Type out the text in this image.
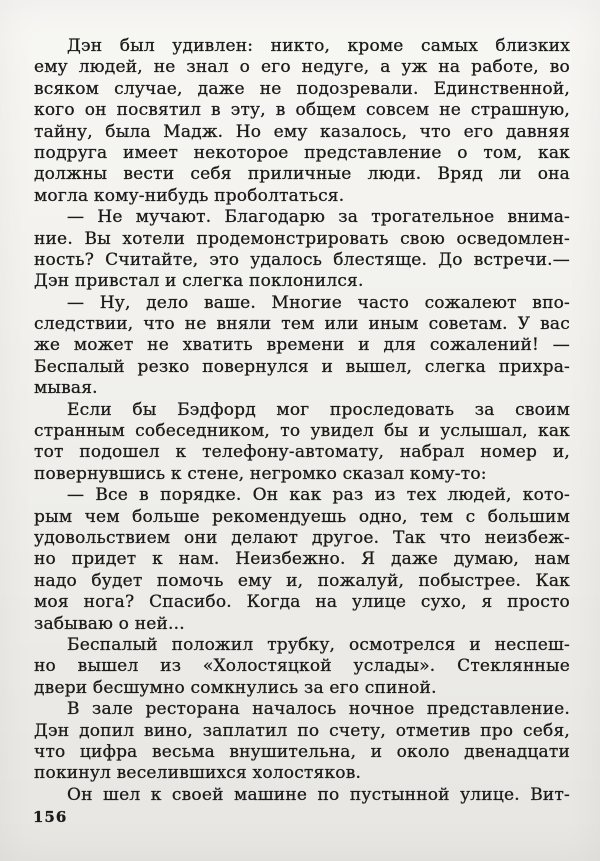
Дэн был удивлен: никто, кроме самых близких
ему людей, не знал о его недуге, а уж на работе, во
всяком случае, даже не подозревали. Единственной,
кого он посвятил в эту, в общем совсем не страшную,
тайну, была Мадж. Но ему казалось, что его давняя
подруга имеет некоторое представление о том, как
должны вести себя приличные люди. Вряд ли она
могла кому-нибудь проболтаться.
— Не мучают. Благодарю за трогательное внима-
ние. Вы хотели продемонстрировать свою осведомлен-
ность? Считайте, это удалось блестяще. До встречи.—
Дэн привстал и слегка поклонился.
— Ну, дело ваше. Многие часто сожалеют впо-
следствии, что не вняли тем или иным советам. У вас
же может не хватить времени и для сожалений! —
Беспалый резко повернулся и вышел, слегка прихра-
мывая.
Если бы Бэдфорд мог проследовать за своим
странным собеседником, то увидел бы и услышал, как
тот подошел к телефону-автомату, набрал номер и,
повернувшись к стене, негромко сказал кому-то:
— Все в порядке. Он как раз из тех людей, кото-
рым чем больше рекомендуешь одно, тем с большим
удовольствием они делают другое. Так что неизбеж-
но придет к нам. Неизбежно. Я даже думаю, нам
надо будет помочь ему и, пожалуй, побыстрее. Как
моя нога? Спасибо. Когда на улице сухо, я просто
забываю о ней...
Беспалый положил трубку, осмотрелся и неспеш-
но вышел из «Холостяцкой услады». Стеклянные
двери бесшумно сомкнулись за его спиной.
В зале ресторана началось ночное представление.
Дэн допил вино, заплатил по счету, отметив про себя,
что цифра весьма внушительна, и около двенадцати
покинул веселившихся холостяков.
Он шел к своей машине по пустынной улице. Вит-
156
